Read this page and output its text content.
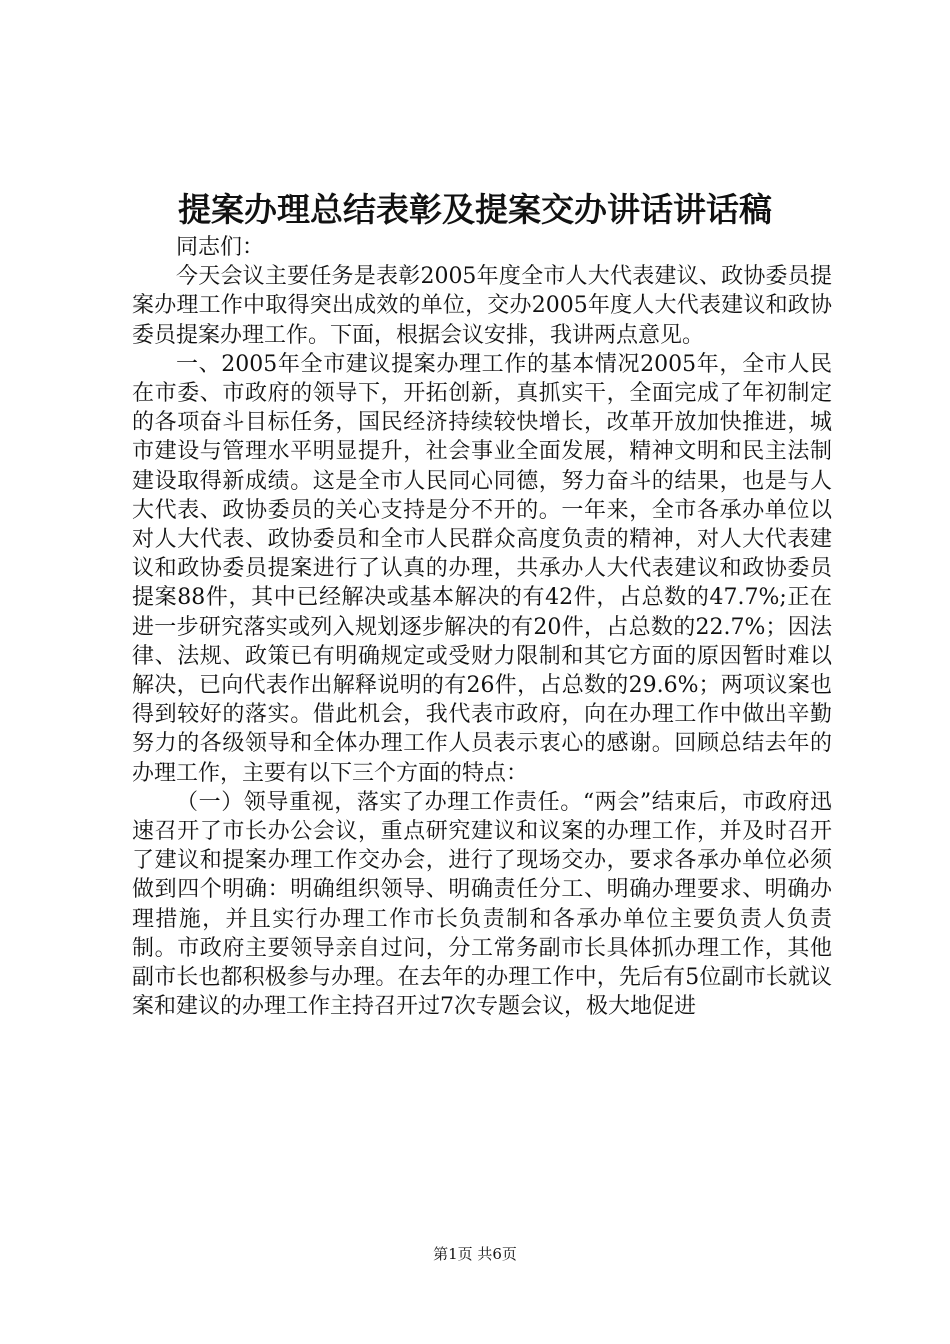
提案办理总结表彰及提案交办讲话讲话稿

同志们：

今天会议主要任务是表彰2005年度全市人大代表建议、政协委员提案办理工作中取得突出成效的单位，交办2005年度人大代表建议和政协委员提案办理工作。下面，根据会议安排，我讲两点意见。

一、2005年全市建议提案办理工作的基本情况2005年，全市人民在市委、市政府的领导下，开拓创新，真抓实干，全面完成了年初制定的各项奋斗目标任务，国民经济持续较快增长，改革开放加快推进，城市建设与管理水平明显提升，社会事业全面发展，精神文明和民主法制建设取得新成绩。这是全市人民同心同德，努力奋斗的结果，也是与人大代表、政协委员的关心支持是分不开的。一年来，全市各承办单位以对人大代表、政协委员和全市人民群众高度负责的精神，对人大代表建议和政协委员提案进行了认真的办理，共承办人大代表建议和政协委员提案88件，其中已经解决或基本解决的有42件，占总数的47.7%;正在进一步研究落实或列入规划逐步解决的有20件，占总数的22.7%；因法律、法规、政策已有明确规定或受财力限制和其它方面的原因暂时难以解决，已向代表作出解释说明的有26件，占总数的29.6%；两项议案也得到较好的落实。借此机会，我代表市政府，向在办理工作中做出辛勤努力的各级领导和全体办理工作人员表示衷心的感谢。回顾总结去年的办理工作，主要有以下三个方面的特点：

（一）领导重视，落实了办理工作责任。“两会”结束后，市政府迅速召开了市长办公会议，重点研究建议和议案的办理工作，并及时召开了建议和提案办理工作交办会，进行了现场交办，要求各承办单位必须做到四个明确：明确组织领导、明确责任分工、明确办理要求、明确办理措施，并且实行办理工作市长负责制和各承办单位主要负责人负责制。市政府主要领导亲自过问，分工常务副市长具体抓办理工作，其他副市长也都积极参与办理。在去年的办理工作中，先后有5位副市长就议案和建议的办理工作主持召开过7次专题会议，极大地促进

第1页 共6页
